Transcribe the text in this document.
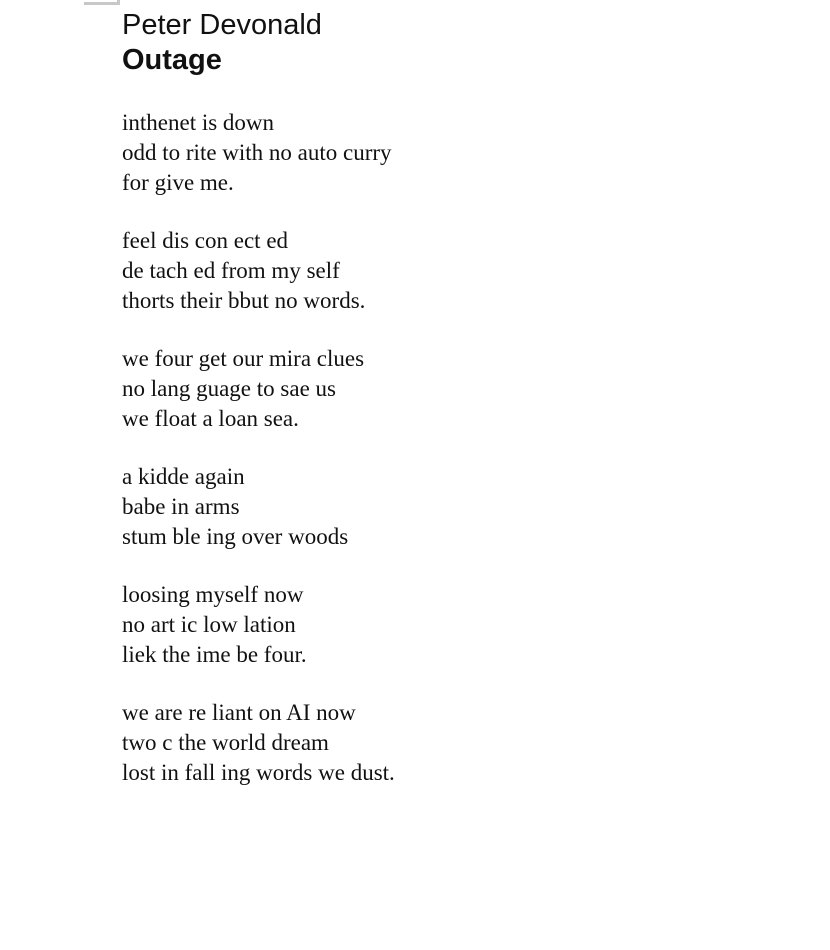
Peter Devonald

Outage

inthenet is down
odd to rite with no auto curry
for give me.
feel dis con ect ed
de tach ed from my self
thorts their bbut no words.
we four get our mira clues
no lang guage to sae us
we float a loan sea.
a kidde again
babe in arms
stum ble ing over woods
loosing myself now
no art ic low lation
liek the ime be four.
we are re liant on AI now
two c the world dream
lost in fall ing words we dust.
